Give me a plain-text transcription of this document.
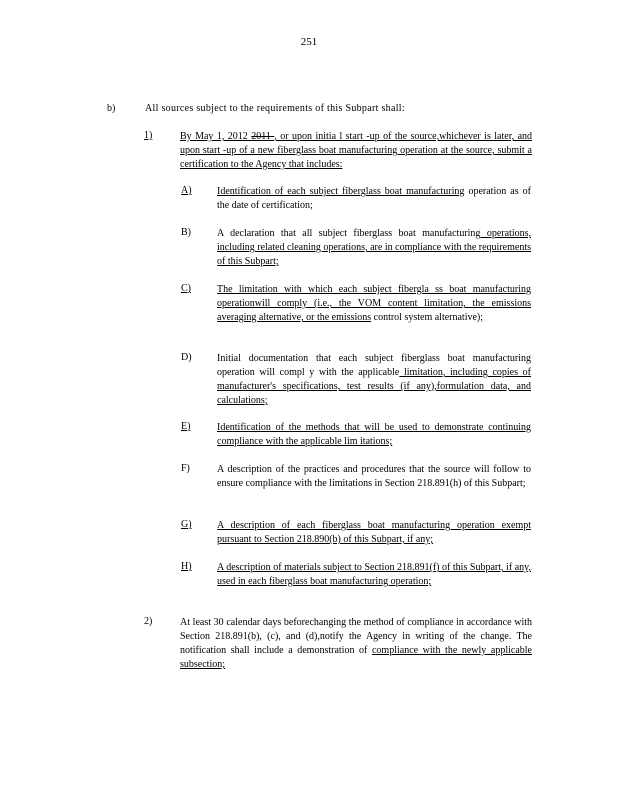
251
b)	All sources subject to the requirements of this Subpart shall:
1)	By May 1, 2012 2011 , or upon initia l start -up of the source,whichever is later, and upon start -up of a new fiberglass boat manufacturing operation at the source, submit a certification to the Agency that includes:
A)	Identification of each subject fiberglass boat manufacturing operation as of the date of certification;
B)	A declaration that all subject fiberglass boat manufacturing operations, including related cleaning operations, are in compliance with the requirements of this Subpart;
C)	The limitation with which each subject fibergla ss boat manufacturing operationwill comply (i.e., the VOM content limitation, the emissions averaging alternative, or the emissions control system alternative);
D)	Initial documentation that each subject fiberglass boat manufacturing operation will compl y with the applicable limitation, including copies of manufacturer's specifications, test results (if any),formulation data, and calculations;
E)	Identification of the methods that will be used to demonstrate continuing compliance with the applicable lim itations;
F)	A description of the practices and procedures that the source will follow to ensure compliance with the limitations in Section 218.891(h) of this Subpart;
G)	A description of each fiberglass boat manufacturing operation exempt pursuant to Section 218.890(b) of this Subpart, if any;
H)	A description of materials subject to Section 218.891(f) of this Subpart, if any, used in each fiberglass boat manufacturing operation;
2)	At least 30 calendar days beforechanging the method of compliance in accordance with Section 218.891(b), (c), and (d),notify the Agency in writing of the change. The notification shall include a demonstration of compliance with the newly applicable subsection;
